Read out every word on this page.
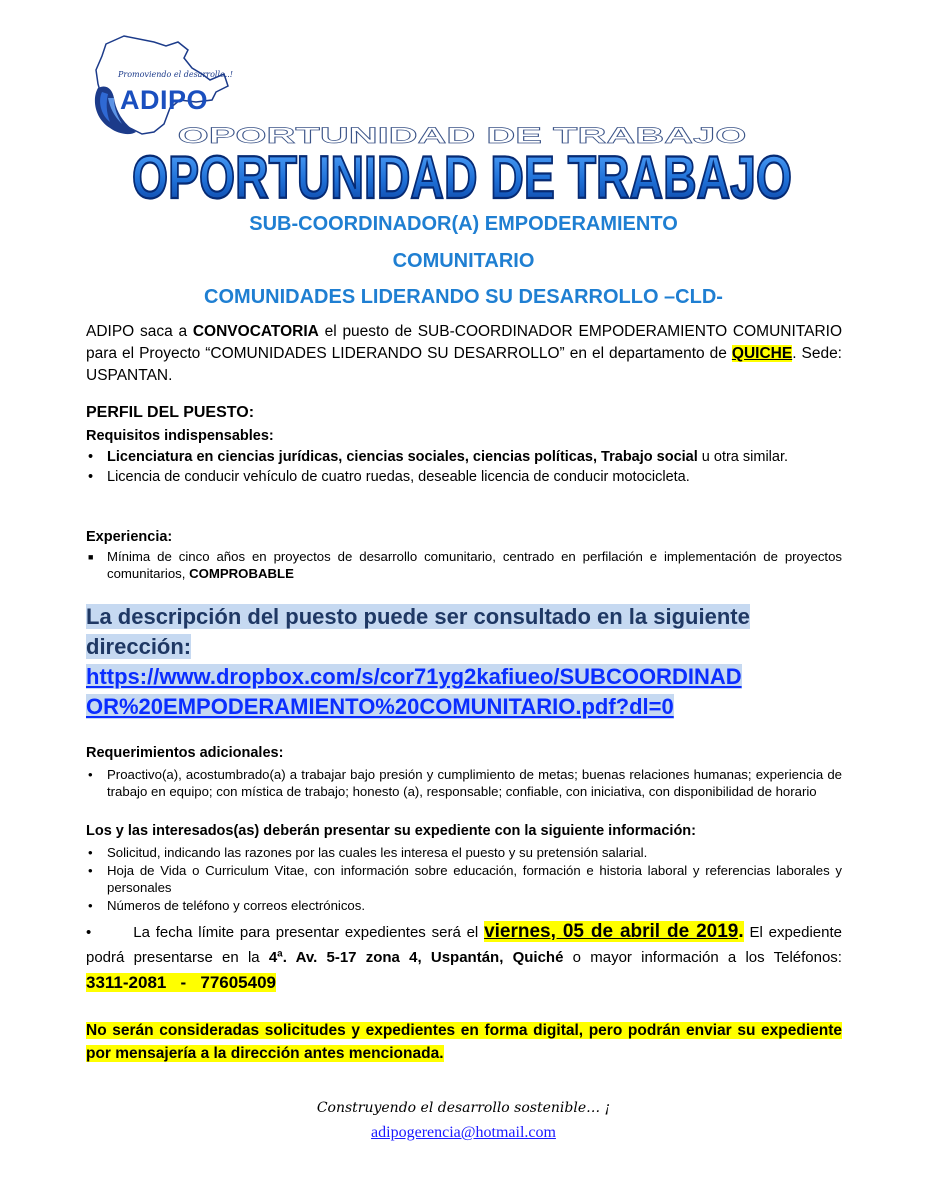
Promoviendo el desarrollo..!
ADIPO
OPORTUNIDAD DE TRABAJO
OPORTUNIDAD DE TRABAJO
SUB-COORDINADOR(A) EMPODERAMIENTO
COMUNITARIO
COMUNIDADES LIDERANDO SU DESARROLLO –CLD-
ADIPO saca a CONVOCATORIA el puesto de SUB-COORDINADOR EMPODERAMIENTO COMUNITARIO para el Proyecto “COMUNIDADES LIDERANDO SU DESARROLLO” en el departamento de QUICHE. Sede: USPANTAN.
PERFIL DEL PUESTO:
Requisitos indispensables:
• Licenciatura en ciencias jurídicas, ciencias sociales, ciencias políticas, Trabajo social u otra similar.
• Licencia de conducir vehículo de cuatro ruedas, deseable licencia de conducir motocicleta.
Experiencia:
■ Mínima de cinco años en proyectos de desarrollo comunitario, centrado en perfilación e implementación de proyectos comunitarios, COMPROBABLE
La descripción del puesto puede ser consultado en la siguiente dirección:
https://www.dropbox.com/s/cor71yg2kafiueo/SUBCOORDINAD
OR%20EMPODERAMIENTO%20COMUNITARIO.pdf?dl=0
Requerimientos adicionales:
• Proactivo(a), acostumbrado(a) a trabajar bajo presión y cumplimiento de metas; buenas relaciones humanas; experiencia de trabajo en equipo; con mística de trabajo; honesto (a), responsable; confiable, con iniciativa, con disponibilidad de horario
Los y las interesados(as) deberán presentar su expediente con la siguiente información:
• Solicitud, indicando las razones por las cuales les interesa el puesto y su pretensión salarial.
• Hoja de Vida o Curriculum Vitae, con información sobre educación, formación e historia laboral y referencias laborales y personales
• Números de teléfono y correos electrónicos.
•	La fecha límite para presentar expedientes será el viernes, 05 de abril de 2019. El expediente podrá presentarse en la 4ª. Av. 5-17 zona 4, Uspantán, Quiché o mayor información a los Teléfonos: 3311-2081   -   77605409
No serán consideradas solicitudes y expedientes en forma digital, pero podrán enviar su expediente por mensajería a la dirección antes mencionada.
Construyendo el desarrollo sostenible… ¡
adipogerencia@hotmail.com
